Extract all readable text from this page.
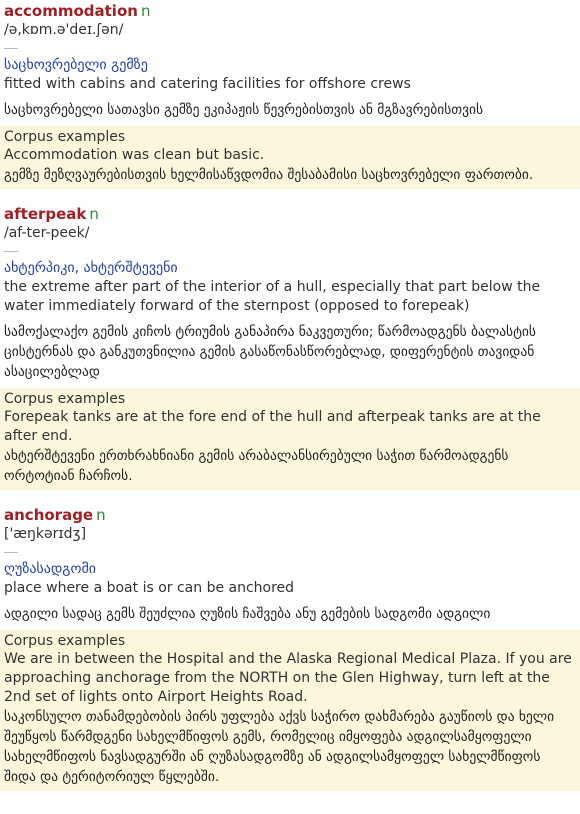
accommodation n
/ə,kɒm.ə'deɪ.ʃən/
საცხოვრებელი გემზე
fitted with cabins and catering facilities for offshore crews
საცხოვრებელი სათავსი გემზე ეკიპაჟის წევრებისთვის ან მგზავრებისთვის
Corpus examples
Accommodation was clean but basic.
გემზე მეზღვაურებისთვის ხელმისაწვდომია შესაბამისი საცხოვრებელი ფართობი.
afterpeak n
/af-ter-peek/
ახტერპიკი, ახტერშტევენი
the extreme after part of the interior of a hull, especially that part below the water immediately forward of the sternpost (opposed to forepeak)
სამოქალაქო გემის კიჩოს ტრიუმის განაპირა ნაკვეთური; წარმოადგენს ბალასტის ცისტერნას და განკუთვნილია გემის გასაწონასწორებლად, დიფერენტის თავიდან ასაცილებლად
Corpus examples
Forepeak tanks are at the fore end of the hull and afterpeak tanks are at the after end.
ახტერშტევენი ერთხრახნიანი გემის არაბალანსირებული საჭით წარმოადგენს ორტოტიან ჩარჩოს.
anchorage n
['æŋkərɪdʒ]
ღუზასადგომი
place where a boat is or can be anchored
ადგილი სადაც გემს შეუძლია ღუზის ჩაშვება ანუ გემების სადგომი ადგილი
Corpus examples
We are in between the Hospital and the Alaska Regional Medical Plaza. If you are approaching anchorage from the NORTH on the Glen Highway, turn left at the 2nd set of lights onto Airport Heights Road.
საკონსულო თანამდებობის პირს უფლება აქვს საჭირო დახმარება გაუწიოს და ხელი შეუწყოს წარმდგენი სახელმწიფოს გემს, რომელიც იმყოფება ადგილსამყოფელი სახელმწიფოს ნავსადგურში ან ღუზასადგომზე ან ადგილსამყოფელ სახელმწიფოს შიდა და ტერიტორიულ წყლებში.
